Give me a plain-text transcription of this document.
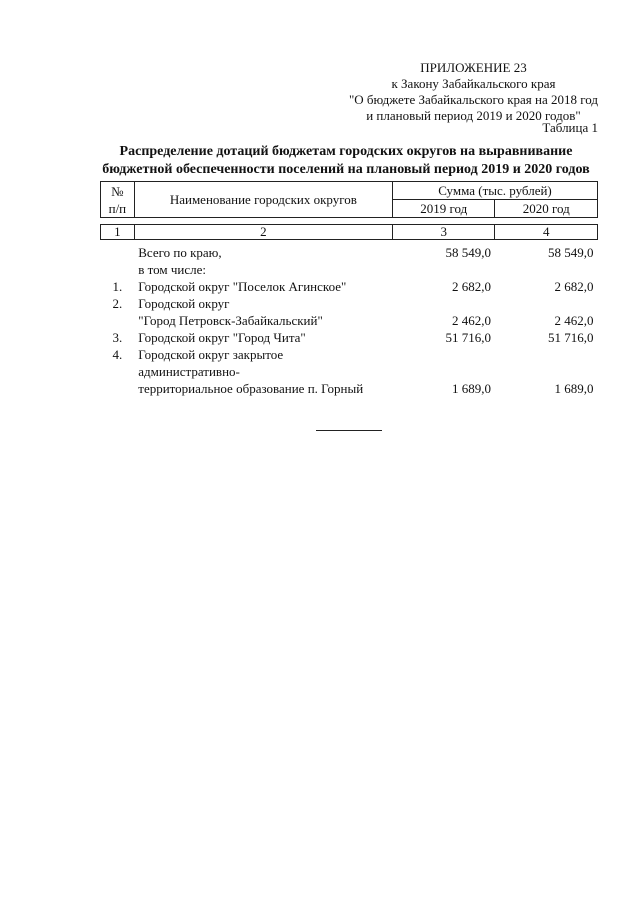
ПРИЛОЖЕНИЕ 23
к Закону Забайкальского края
"О бюджете Забайкальского края на 2018 год
и плановый период 2019 и 2020 годов"
Таблица 1
Распределение дотаций бюджетам городских округов на выравнивание
бюджетной обеспеченности поселений на плановый период 2019 и 2020 годов
№
п/п	Наименование городских округов	Сумма (тыс. рублей)	
		2019 год	2020 год

1	2	3	4
	Всего по краю,	58 549,0	58 549,0
	в том числе:		
1.	Городской округ "Поселок Агинское"	2 682,0	2 682,0
2.	Городской округ		
	"Город Петровск-Забайкальский"	2 462,0	2 462,0
3.	Городской округ "Город Чита"	51 716,0	51 716,0
4.	Городской округ закрытое		
	административно-		
	территориальное образование п. Горный	1 689,0	1 689,0
